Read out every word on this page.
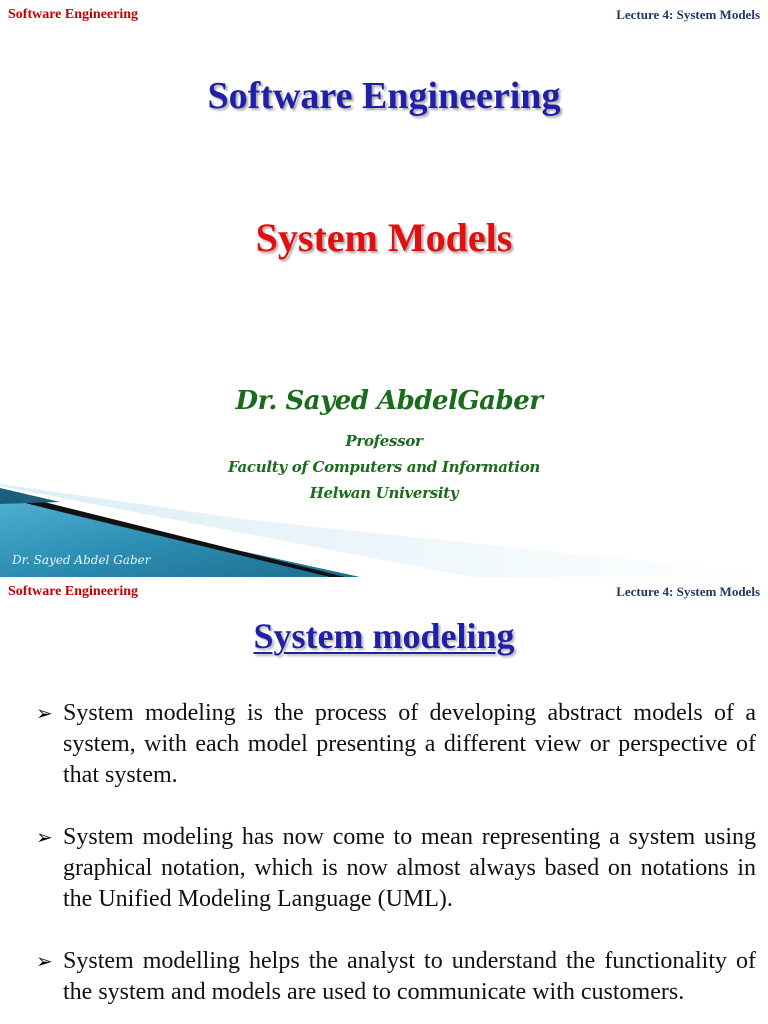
Software Engineering	Lecture 4: System Models
Software Engineering
System Models
Dr. Sayed AbdelGaber
Professor
Faculty of Computers and Information
Helwan University
Dr. Sayed Abdel Gaber
Software Engineering	Lecture 4: System Models
System modeling
➢ System modeling is the process of developing abstract models of a system, with each model presenting a different view or perspective of that system.
➢ System modeling has now come to mean representing a system using graphical notation, which is now almost always based on notations in the Unified Modeling Language (UML).
➢ System modelling helps the analyst to understand the functionality of the system and models are used to communicate with customers.
